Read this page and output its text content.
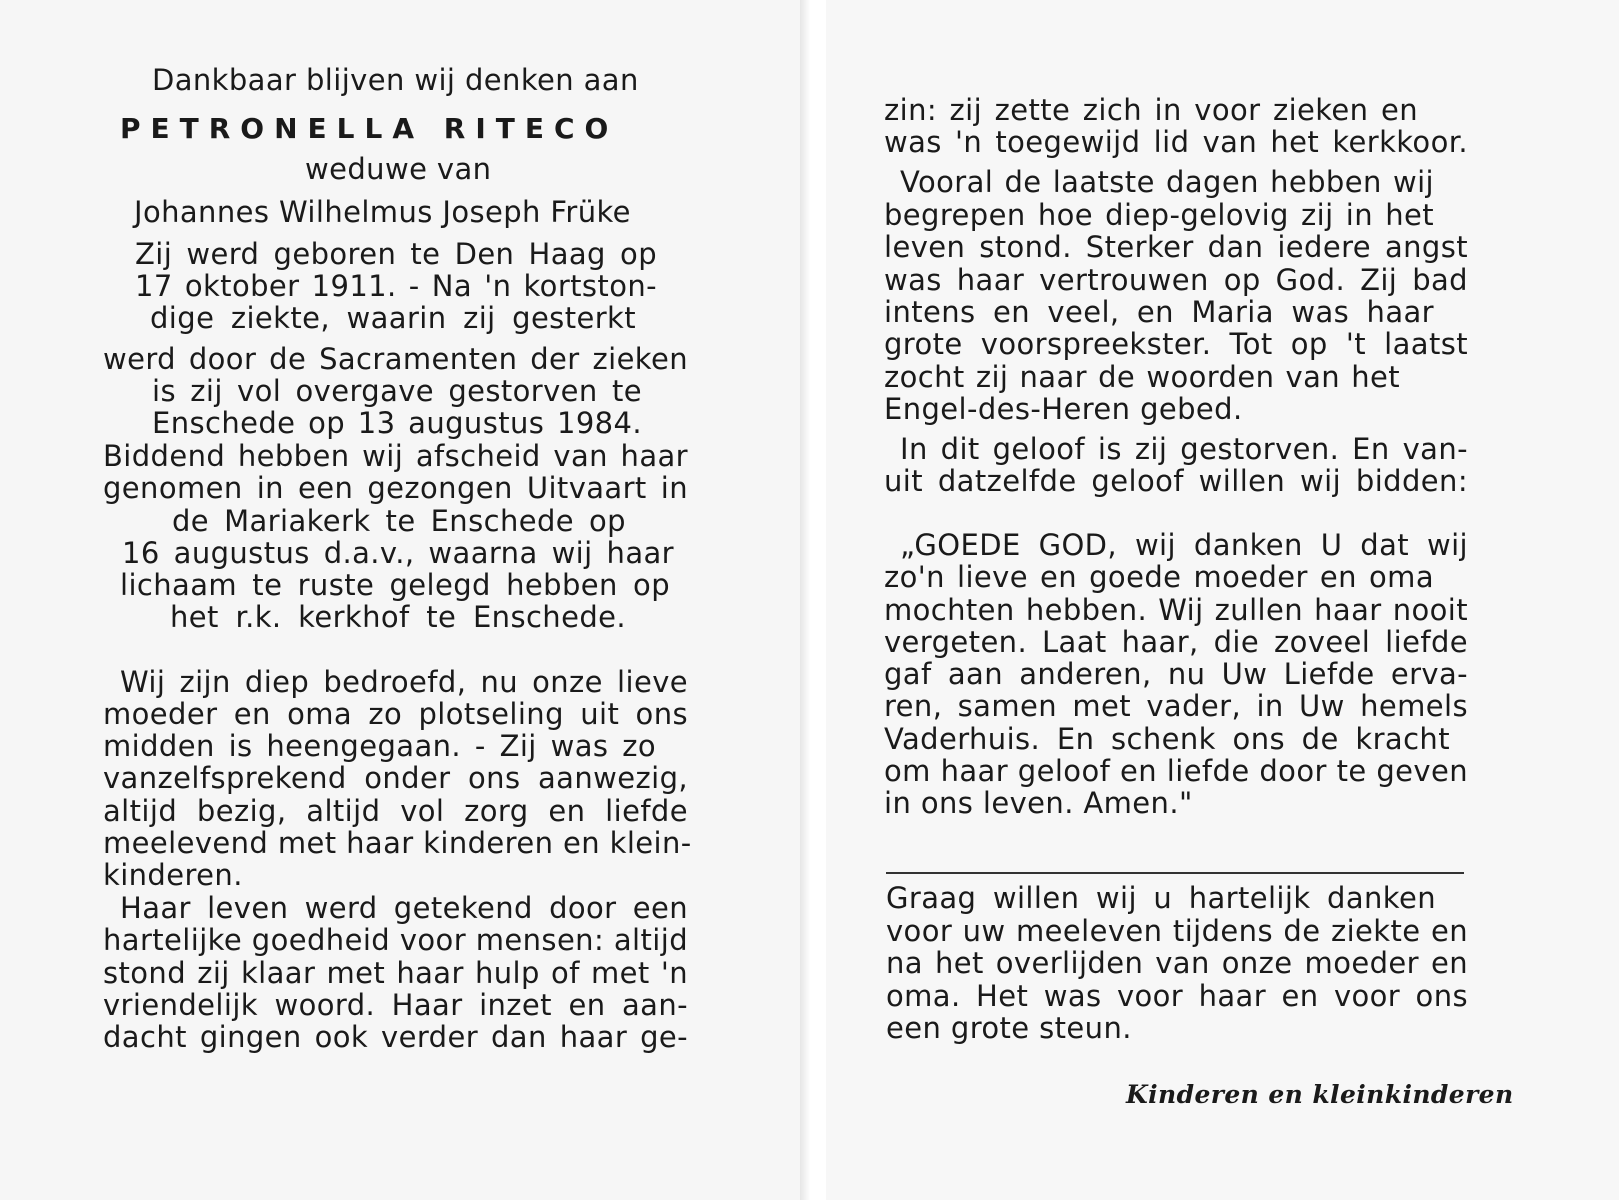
Dankbaar blijven wij denken aan
PETRONELLA RITECO
weduwe van
Johannes Wilhelmus Joseph Früke
Zij werd geboren te Den Haag op
17 oktober 1911. - Na 'n kortston-
dige ziekte, waarin zij gesterkt
werd door de Sacramenten der zieken
is zij vol overgave gestorven te
Enschede op 13 augustus 1984.
Biddend hebben wij afscheid van haar
genomen in een gezongen Uitvaart in
de Mariakerk te Enschede op
16 augustus d.a.v., waarna wij haar
lichaam te ruste gelegd hebben op
het r.k. kerkhof te Enschede.
Wij zijn diep bedroefd, nu onze lieve
moeder en oma zo plotseling uit ons
midden is heengegaan. - Zij was zo
vanzelfsprekend onder ons aanwezig,
altijd bezig, altijd vol zorg en liefde
meelevend met haar kinderen en klein-
kinderen.
Haar leven werd getekend door een
hartelijke goedheid voor mensen: altijd
stond zij klaar met haar hulp of met 'n
vriendelijk woord. Haar inzet en aan-
dacht gingen ook verder dan haar ge-
zin: zij zette zich in voor zieken en
was 'n toegewijd lid van het kerkkoor.
Vooral de laatste dagen hebben wij
begrepen hoe diep-gelovig zij in het
leven stond. Sterker dan iedere angst
was haar vertrouwen op God. Zij bad
intens en veel, en Maria was haar
grote voorspreekster. Tot op 't laatst
zocht zij naar de woorden van het
Engel-des-Heren gebed.
In dit geloof is zij gestorven. En van-
uit datzelfde geloof willen wij bidden:
„GOEDE GOD, wij danken U dat wij
zo'n lieve en goede moeder en oma
mochten hebben. Wij zullen haar nooit
vergeten. Laat haar, die zoveel liefde
gaf aan anderen, nu Uw Liefde erva-
ren, samen met vader, in Uw hemels
Vaderhuis. En schenk ons de kracht
om haar geloof en liefde door te geven
in ons leven. Amen."
Graag willen wij u hartelijk danken
voor uw meeleven tijdens de ziekte en
na het overlijden van onze moeder en
oma. Het was voor haar en voor ons
een grote steun.
Kinderen en kleinkinderen
